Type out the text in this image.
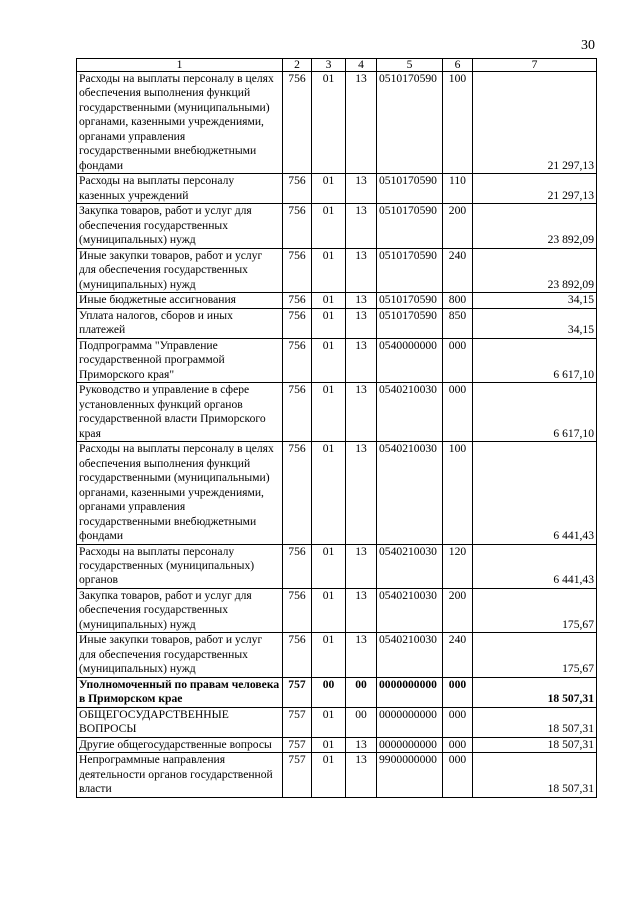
30
1	2	3	4	5	6	7
Расходы на выплаты персоналу в целях обеспечения выполнения функций государственными (муниципальными) органами, казенными учреждениями, органами управления государственными внебюджетными фондами	756	01	13	0510170590	100	21 297,13
Расходы на выплаты персоналу казенных учреждений	756	01	13	0510170590	110	21 297,13
Закупка товаров, работ и услуг для обеспечения государственных (муниципальных) нужд	756	01	13	0510170590	200	23 892,09
Иные закупки товаров, работ и услуг для обеспечения государственных (муниципальных) нужд	756	01	13	0510170590	240	23 892,09
Иные бюджетные ассигнования	756	01	13	0510170590	800	34,15
Уплата налогов, сборов и иных платежей	756	01	13	0510170590	850	34,15
Подпрограмма "Управление государственной программой Приморского края"	756	01	13	0540000000	000	6 617,10
Руководство и управление в сфере установленных функций органов государственной власти Приморского края	756	01	13	0540210030	000	6 617,10
Расходы на выплаты персоналу в целях обеспечения выполнения функций государственными (муниципальными) органами, казенными учреждениями, органами управления государственными внебюджетными фондами	756	01	13	0540210030	100	6 441,43
Расходы на выплаты персоналу государственных (муниципальных) органов	756	01	13	0540210030	120	6 441,43
Закупка товаров, работ и услуг для обеспечения государственных (муниципальных) нужд	756	01	13	0540210030	200	175,67
Иные закупки товаров, работ и услуг для обеспечения государственных (муниципальных) нужд	756	01	13	0540210030	240	175,67
Уполномоченный по правам человека в Приморском крае	757	00	00	0000000000	000	18 507,31
ОБЩЕГОСУДАРСТВЕННЫЕ ВОПРОСЫ	757	01	00	0000000000	000	18 507,31
Другие общегосударственные вопросы	757	01	13	0000000000	000	18 507,31
Непрограммные направления деятельности органов государственной власти	757	01	13	9900000000	000	18 507,31
